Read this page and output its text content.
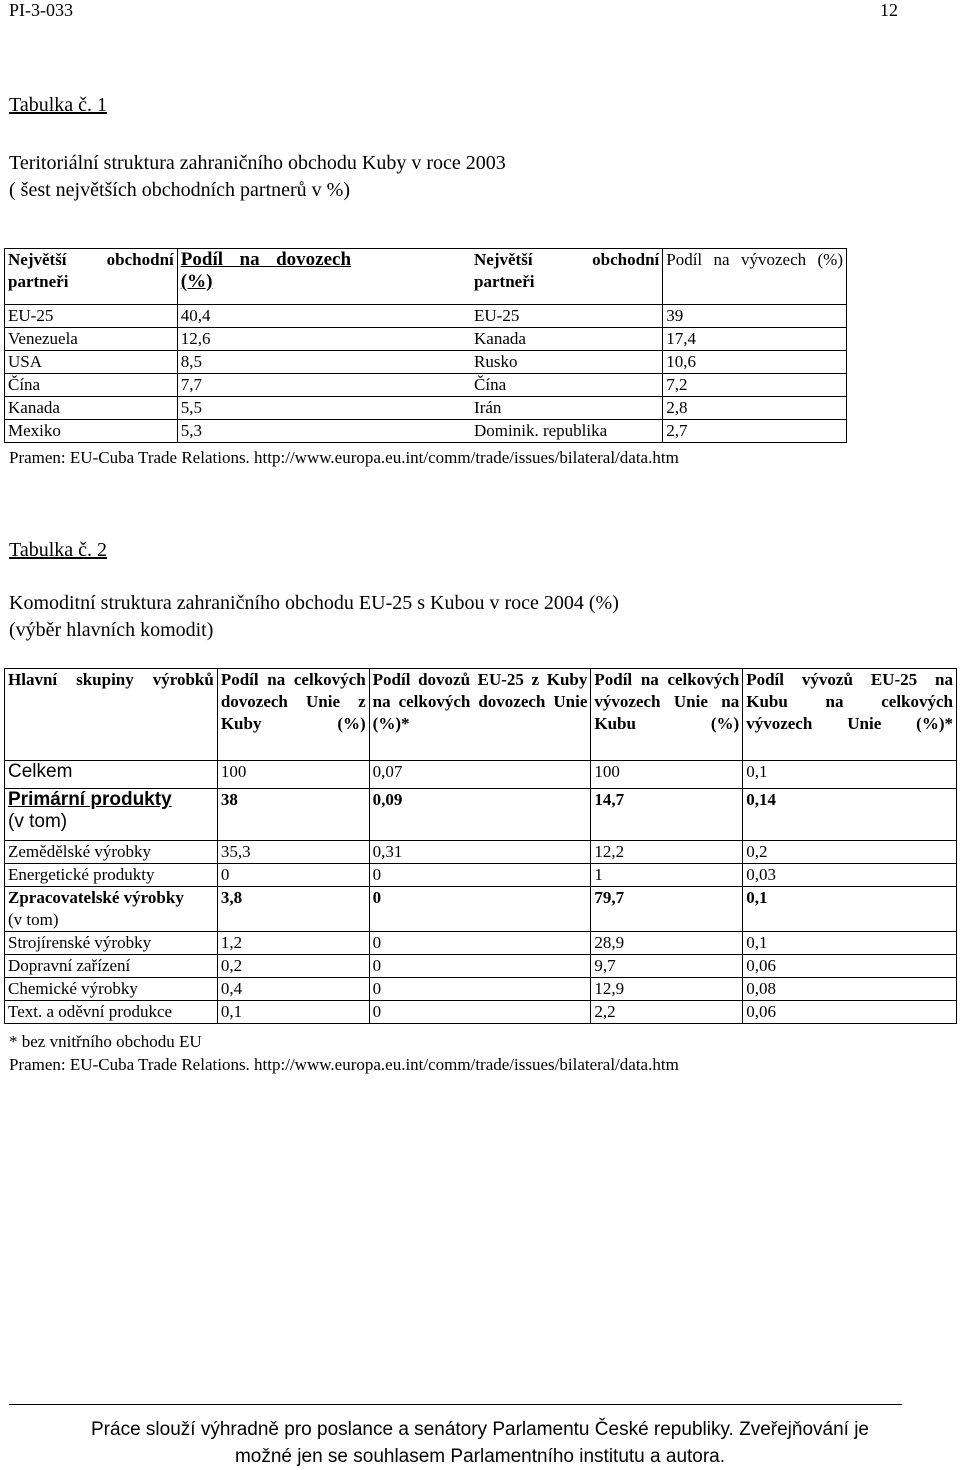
PI-3-033	12
Tabulka č. 1
Teritoriální struktura zahraničního obchodu Kuby v roce 2003
( šest největších obchodních partnerů v %)
Největší obchodní partneři	Podíl na dovozech (%)	Největší obchodní partneři	Podíl na vývozech (%)
EU-25	40,4	EU-25	39
Venezuela	12,6	Kanada	17,4
USA	8,5	Rusko	10,6
Čína	7,7	Čína	7,2
Kanada	5,5	Irán	2,8
Mexiko	5,3	Dominik. republika	2,7
Pramen: EU-Cuba Trade Relations. http://www.europa.eu.int/comm/trade/issues/bilateral/data.htm
Tabulka č. 2
Komoditní struktura zahraničního obchodu EU-25 s Kubou v roce 2004 (%)
(výběr hlavních komodit)
Hlavní skupiny výrobků	Podíl na celkových dovozech Unie z Kuby (%)	Podíl dovozů EU-25 z Kuby na celkových dovozech Unie (%)*	Podíl na celkových vývozech Unie na Kubu (%)	Podíl vývozů EU-25 na Kubu na celkových vývozech Unie (%)*
Celkem	100	0,07	100	0,1

Primární produkty
(v tom)	38	0,09	14,7	0,14
Zemědělské výrobky	35,3	0,31	12,2	0,2
Energetické produkty	0	0	1	0,03

Zpracovatelské výrobky
(v tom)	3,8	0	79,7	0,1
Strojírenské výrobky	1,2	0	28,9	0,1
Dopravní zařízení	0,2	0	9,7	0,06
Chemické výrobky	0,4	0	12,9	0,08
Text. a oděvní produkce	0,1	0	2,2	0,06
* bez vnitřního obchodu EU
Pramen: EU-Cuba Trade Relations. http://www.europa.eu.int/comm/trade/issues/bilateral/data.htm
Práce slouží výhradně pro poslance a senátory Parlamentu České republiky. Zveřejňování je
možné jen se souhlasem Parlamentního institutu a autora.
